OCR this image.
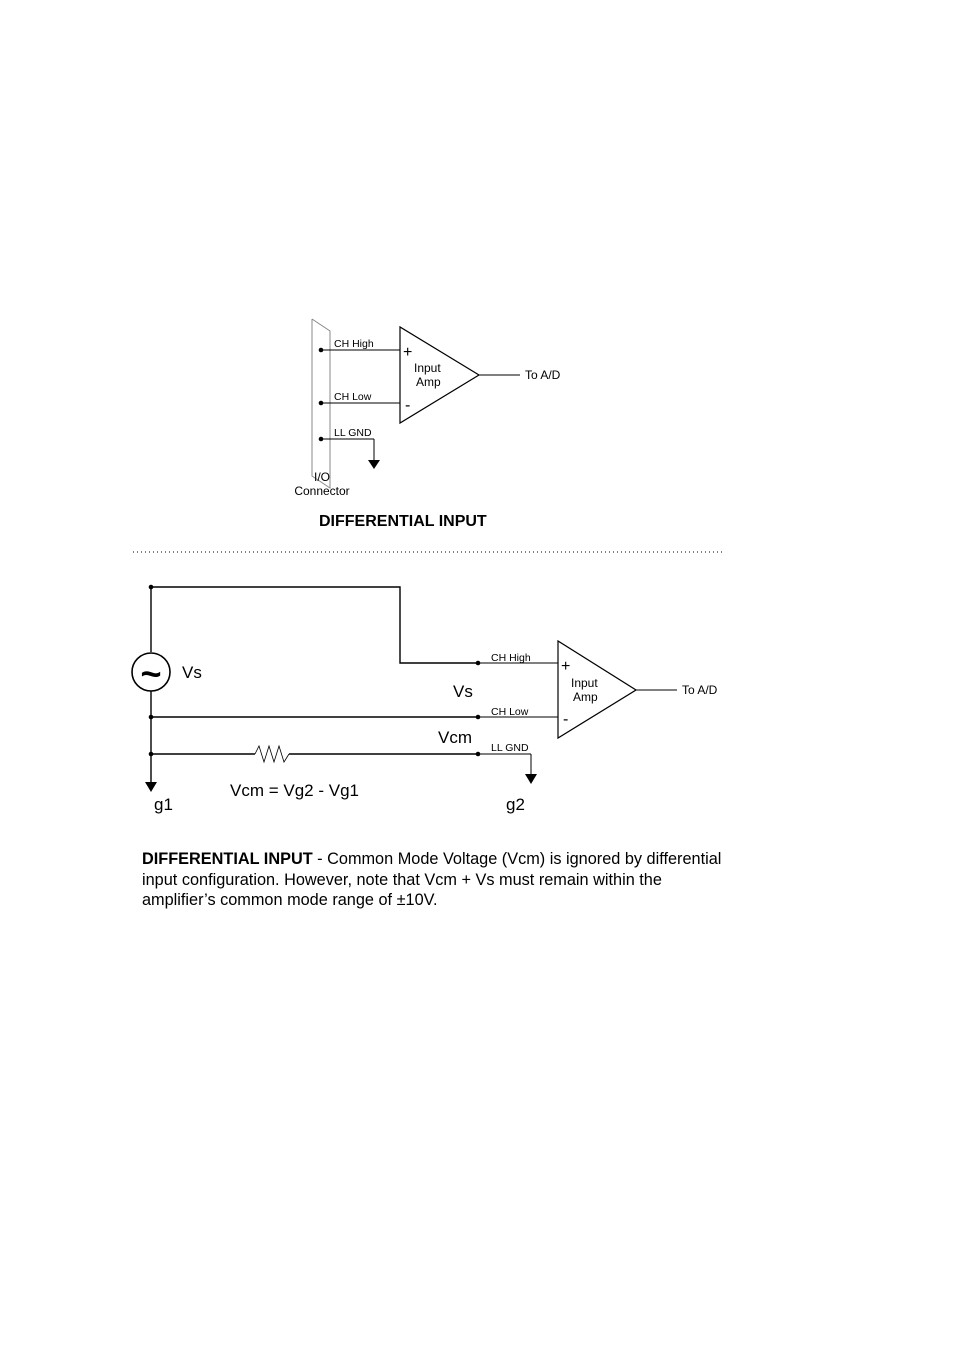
CH High
CH Low
LL GND
+
-
Input
Amp	To A/D
I/O
Connector
DIFFERENTIAL INPUT
~ Vs
Vs
Vcm
CH High
CH Low
LL GND
+
-
Input
Amp	To A/D
Vcm = Vg2 - Vg1
g1	g2
DIFFERENTIAL INPUT - Common Mode Voltage (Vcm) is ignored by differential input configuration. However, note that Vcm + Vs must remain within the amplifier’s common mode range of ±10V.
